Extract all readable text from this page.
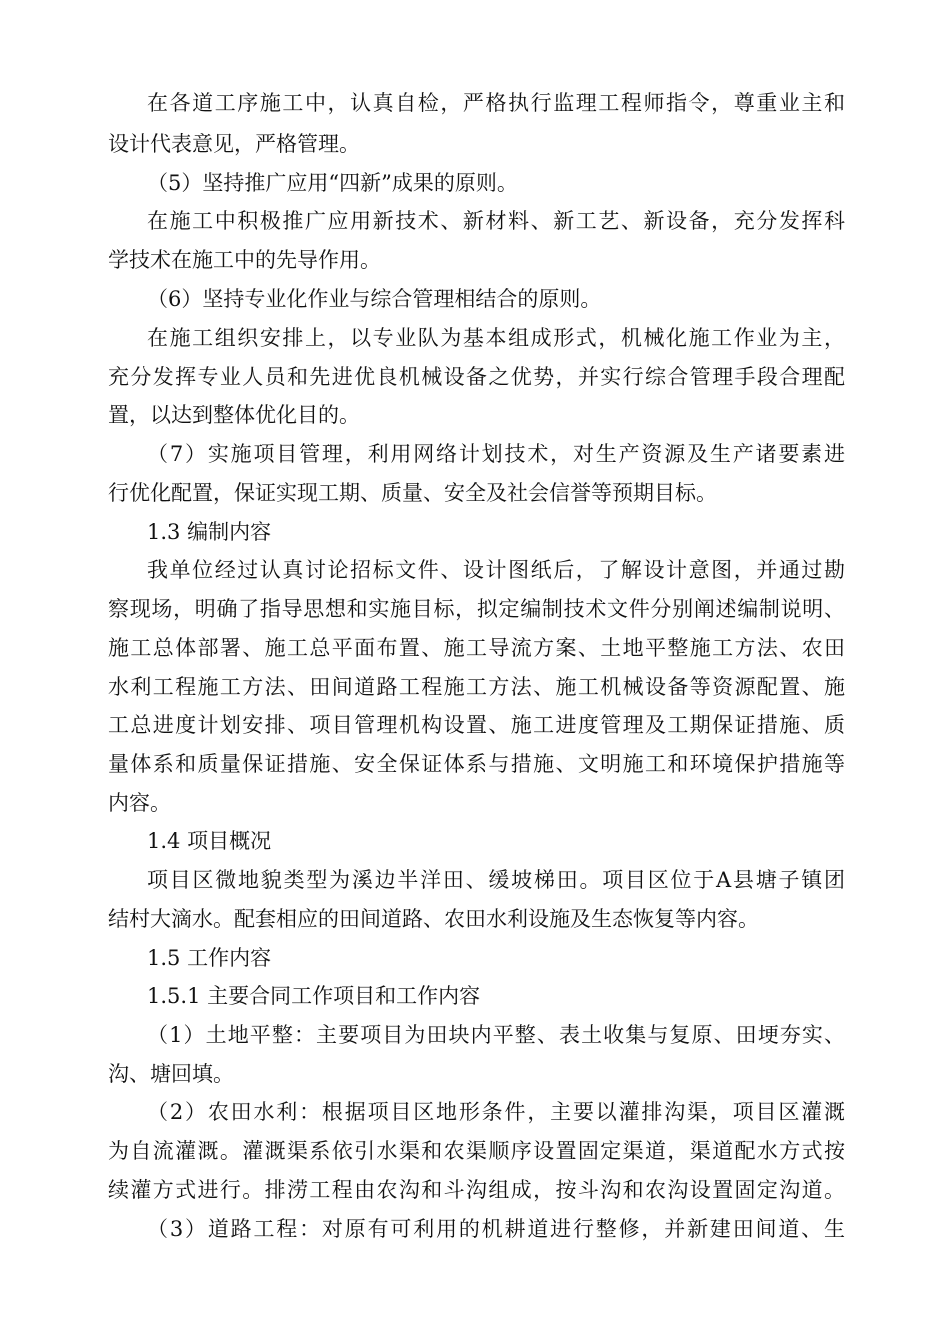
在各道工序施工中，认真自检，严格执行监理工程师指令，尊重业主和

设计代表意见，严格管理。

（5）坚持推广应用“四新”成果的原则。

在施工中积极推广应用新技术、新材料、新工艺、新设备，充分发挥科

学技术在施工中的先导作用。

（6）坚持专业化作业与综合管理相结合的原则。

在施工组织安排上，以专业队为基本组成形式，机械化施工作业为主，

充分发挥专业人员和先进优良机械设备之优势，并实行综合管理手段合理配

置，以达到整体优化目的。

（7）实施项目管理，利用网络计划技术，对生产资源及生产诸要素进

行优化配置，保证实现工期、质量、安全及社会信誉等预期目标。

1.3 编制内容

我单位经过认真讨论招标文件、设计图纸后，了解设计意图，并通过勘

察现场，明确了指导思想和实施目标，拟定编制技术文件分别阐述编制说明、

施工总体部署、施工总平面布置、施工导流方案、土地平整施工方法、农田

水利工程施工方法、田间道路工程施工方法、施工机械设备等资源配置、施

工总进度计划安排、项目管理机构设置、施工进度管理及工期保证措施、质

量体系和质量保证措施、安全保证体系与措施、文明施工和环境保护措施等

内容。

1.4 项目概况

项目区微地貌类型为溪边半洋田、缓坡梯田。项目区位于A县塘子镇团

结村大滴水。配套相应的田间道路、农田水利设施及生态恢复等内容。

1.5 工作内容

1.5.1 主要合同工作项目和工作内容

（1）土地平整：主要项目为田块内平整、表土收集与复原、田埂夯实、

沟、塘回填。

（2）农田水利：根据项目区地形条件，主要以灌排沟渠，项目区灌溉

为自流灌溉。灌溉渠系依引水渠和农渠顺序设置固定渠道，渠道配水方式按

续灌方式进行。排涝工程由农沟和斗沟组成，按斗沟和农沟设置固定沟道。

（3）道路工程：对原有可利用的机耕道进行整修，并新建田间道、生
